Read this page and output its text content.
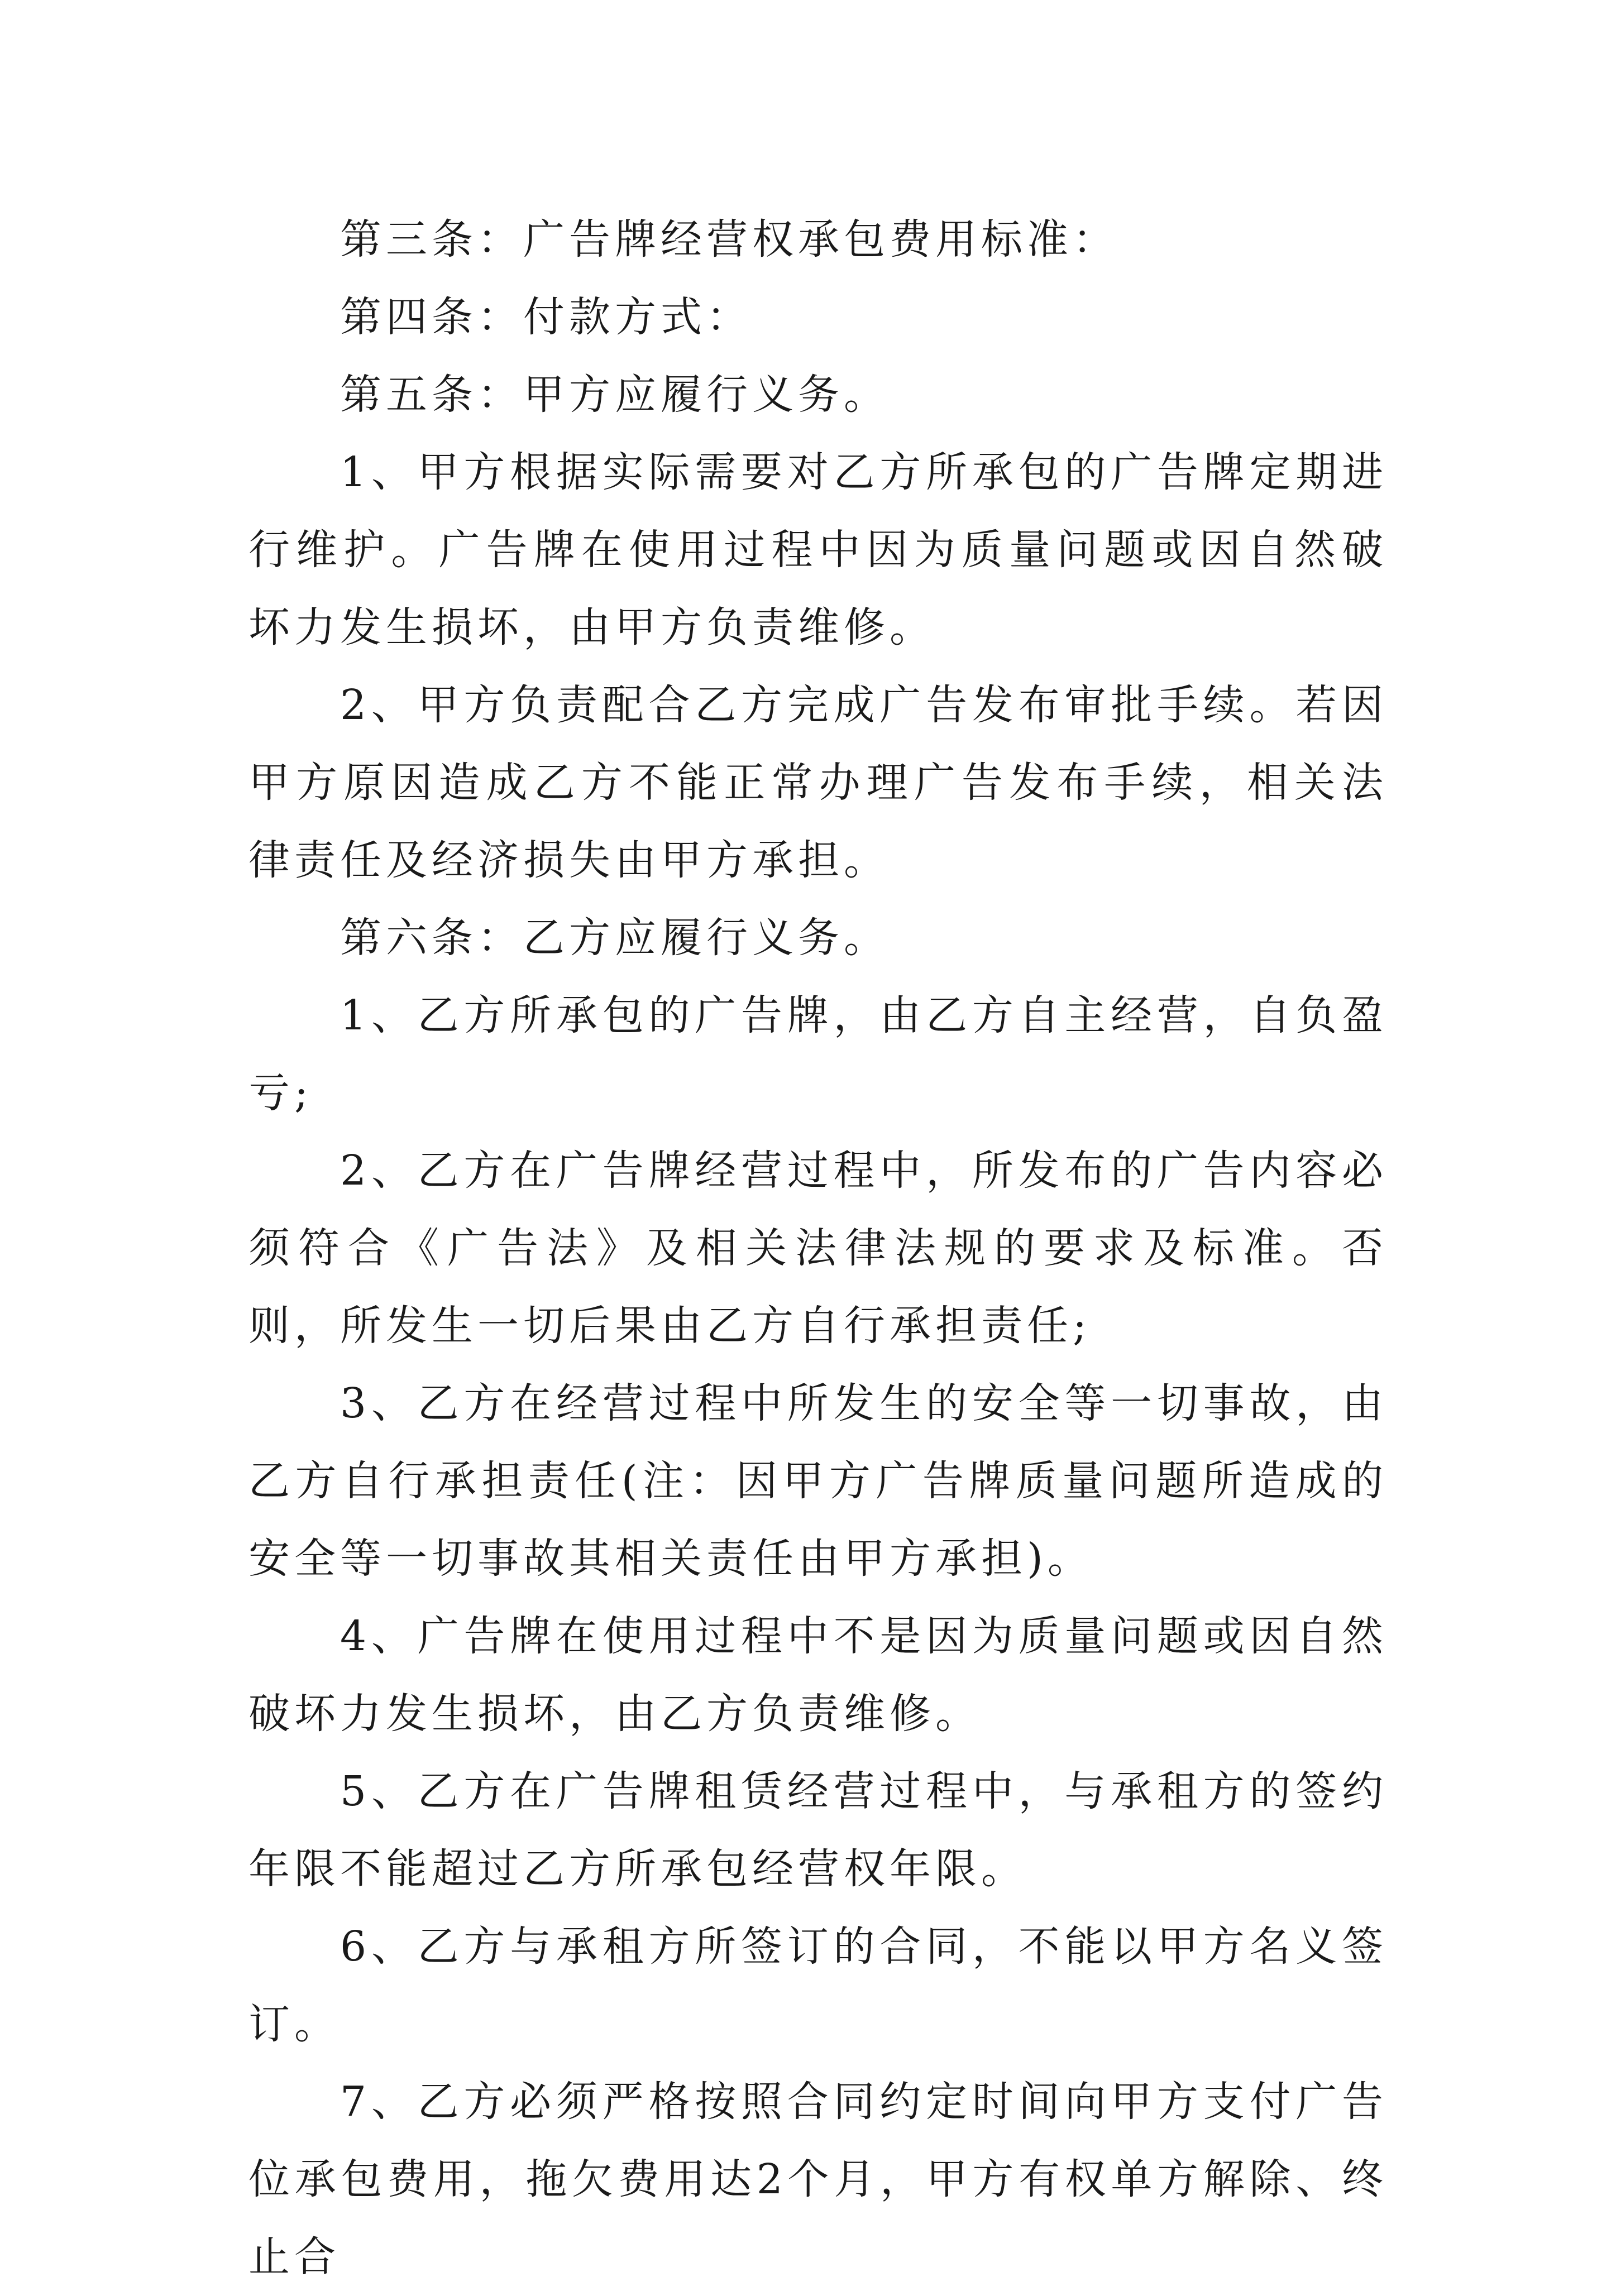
第三条：广告牌经营权承包费用标准：

第四条：付款方式：

第五条：甲方应履行义务。

1、甲方根据实际需要对乙方所承包的广告牌定期进行维护。广告牌在使用过程中因为质量问题或因自然破坏力发生损坏，由甲方负责维修。

2、甲方负责配合乙方完成广告发布审批手续。若因甲方原因造成乙方不能正常办理广告发布手续，相关法律责任及经济损失由甲方承担。

第六条：乙方应履行义务。

1、乙方所承包的广告牌，由乙方自主经营，自负盈亏;

2、乙方在广告牌经营过程中，所发布的广告内容必须符合《广告法》及相关法律法规的要求及标准。否则，所发生一切后果由乙方自行承担责任;

3、乙方在经营过程中所发生的安全等一切事故，由乙方自行承担责任(注：因甲方广告牌质量问题所造成的安全等一切事故其相关责任由甲方承担)。

4、广告牌在使用过程中不是因为质量问题或因自然破坏力发生损坏，由乙方负责维修。

5、乙方在广告牌租赁经营过程中，与承租方的签约年限不能超过乙方所承包经营权年限。

6、乙方与承租方所签订的合同，不能以甲方名义签订。

7、乙方必须严格按照合同约定时间向甲方支付广告位承包费用，拖欠费用达2个月，甲方有权单方解除、终止合
